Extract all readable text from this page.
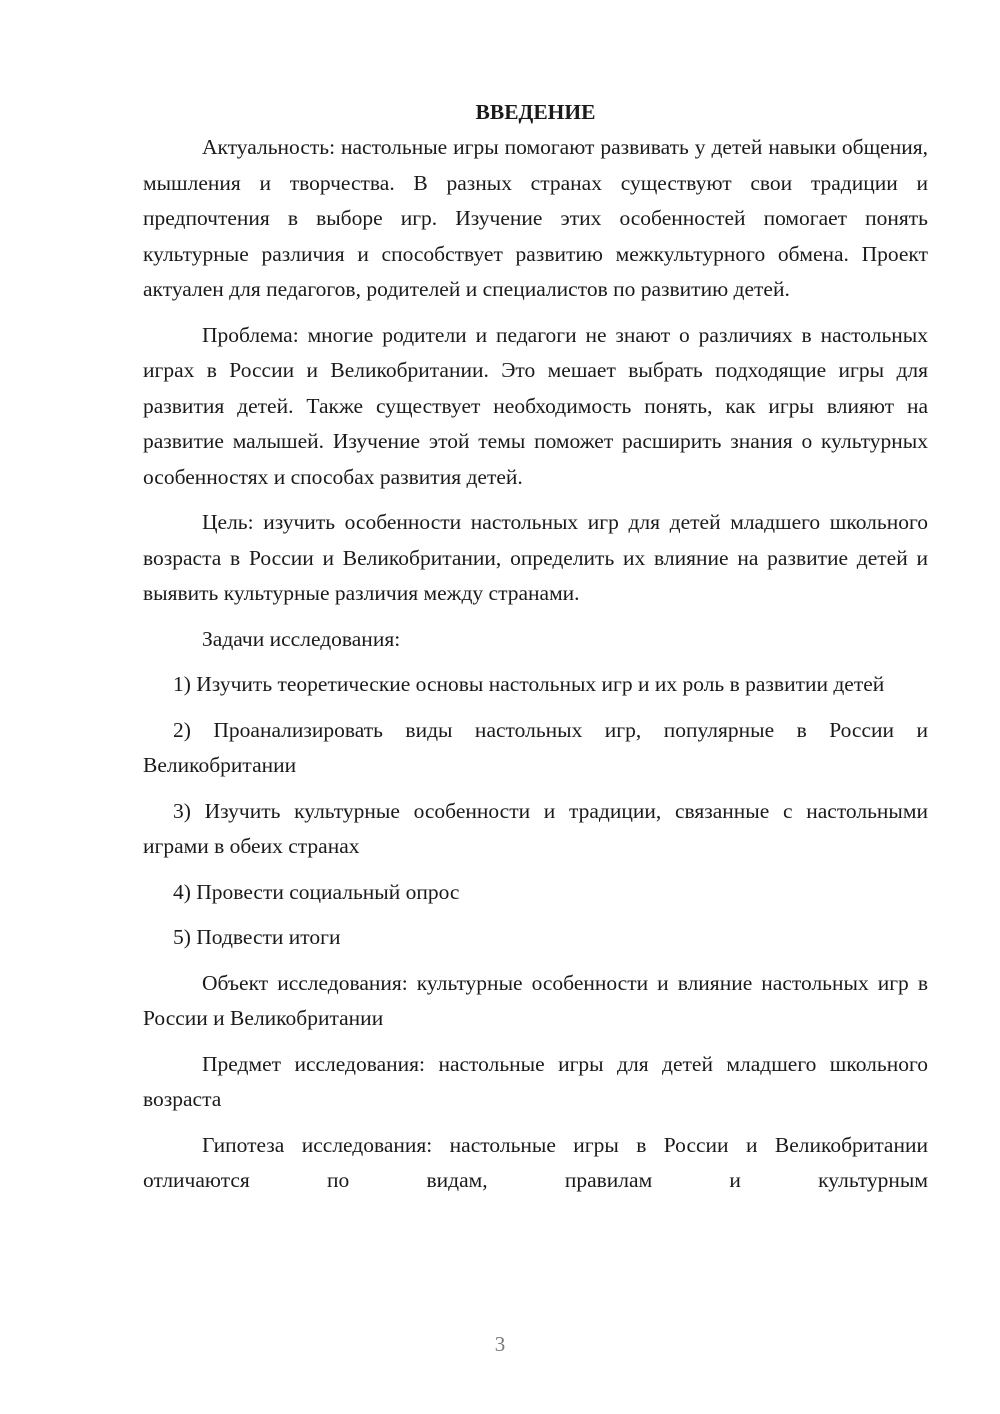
ВВЕДЕНИЕ

Актуальность: настольные игры помогают развивать у детей навыки общения, мышления и творчества. В разных странах существуют свои традиции и предпочтения в выборе игр. Изучение этих особенностей помогает понять культурные различия и способствует развитию межкультурного обмена. Проект актуален для педагогов, родителей и специалистов по развитию детей.

Проблема: многие родители и педагоги не знают о различиях в настольных играх в России и Великобритании. Это мешает выбрать подходящие игры для развития детей. Также существует необходимость понять, как игры влияют на развитие малышей. Изучение этой темы поможет расширить знания о культурных особенностях и способах развития детей.

Цель: изучить особенности настольных игр для детей младшего школьного возраста в России и Великобритании, определить их влияние на развитие детей и выявить культурные различия между странами.

Задачи исследования:

1) Изучить теоретические основы настольных игр и их роль в развитии детей

2) Проанализировать виды настольных игр, популярные в России и Великобритании

3) Изучить культурные особенности и традиции, связанные с настольными играми в обеих странах

4) Провести социальный опрос

5) Подвести итоги

Объект исследования: культурные особенности и влияние настольных игр в России и Великобритании

Предмет исследования: настольные игры для детей младшего школьного возраста

Гипотеза исследования: настольные игры в России и Великобритании отличаются по видам, правилам и культурным

3
